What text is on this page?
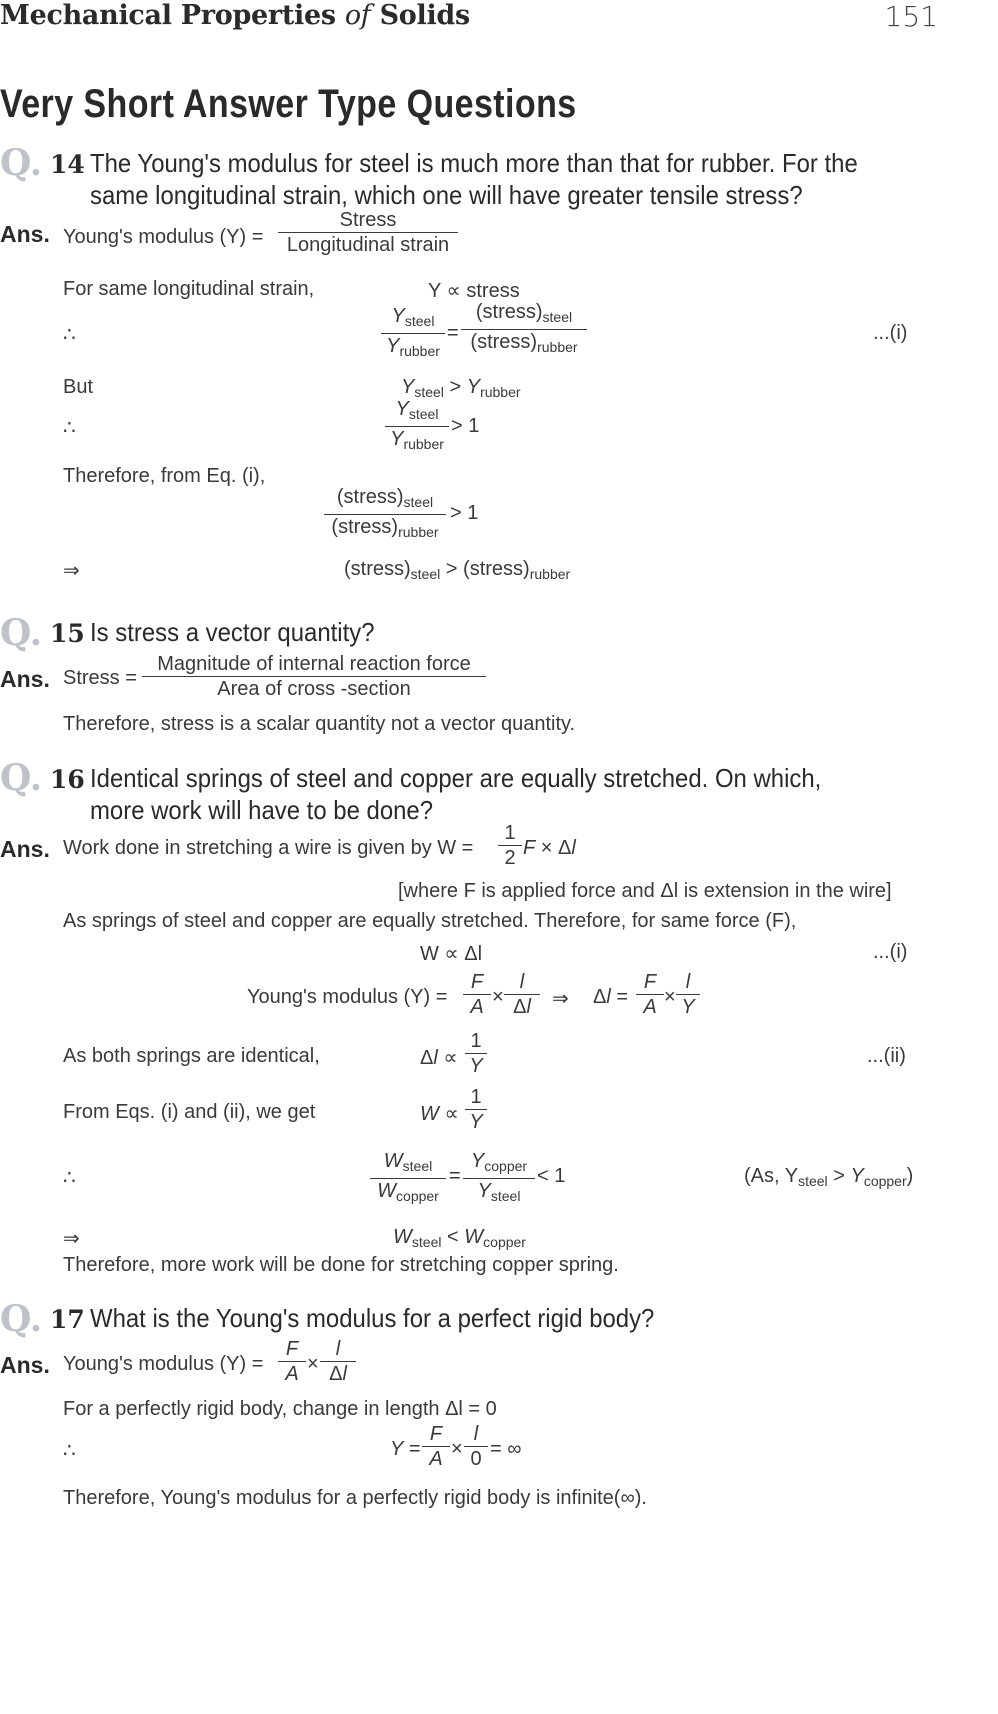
Mechanical Properties of Solids	151
Very Short Answer Type Questions
Q. 14 The Young's modulus for steel is much more than that for rubber. For the
same longitudinal strain, which one will have greater tensile stress?
Ans. Young's modulus (Y) =
Stress
Longitudinal strain
For same longitudinal strain,	Y ∝ stress
∴
$Y_{steel}$
$Y_{rubber}$
=
$(stress)_{steel}$
$(stress)_{rubber}$
...(i)
But	$Y_{steel} > Y_{rubber}$
∴
$Y_{steel}$
$Y_{rubber}$
> 1
Therefore, from Eq. (i),
$(stress)_{steel}$
$(stress)_{rubber}$
> 1
⇒	$(stress)_{steel}$ > $(stress)_{rubber}$
Q. 15 Is stress a vector quantity?
Ans. Stress =
Magnitude of internal reaction force
Area of cross -section
Therefore, stress is a scalar quantity not a vector quantity.
Q. 16 Identical springs of steel and copper are equally stretched. On which,
more work will have to be done?
Ans. Work done in stretching a wire is given by $W = \frac{1}{2}$ F × Δl
[where F is applied force and Δl is extension in the wire]
As springs of steel and copper are equally stretched. Therefore, for same force (F),
W ∝ Δl	...(i)
Young's modulus $(Y) = \frac{F}{A} \times \frac{l}{\Delta l}$ ⇒ $\Delta l = \frac{F}{A} \times \frac{l}{Y}$
As both springs are identical,	$\Delta l \propto \frac{1}{Y}$	...(ii)
From Eqs. (i) and (ii), we get	$W \propto \frac{1}{Y}$
∴
$W_{steel}$
$W_{copper}$
=
$Y_{copper}$
$Y_{steel}$
< 1	(As, $Y_{steel} > Y_{copper}$)
⇒	$W_{steel} < W_{copper}$
Therefore, more work will be done for stretching copper spring.
Q. 17 What is the Young's modulus for a perfect rigid body?
Ans. Young's modulus $(Y) = \frac{F}{A} \times \frac{l}{\Delta l}$
For a perfectly rigid body, change in length Δl = 0
∴	$Y = \frac{F}{A} \times \frac{l}{0}$ = ∞
Therefore, Young's modulus for a perfectly rigid body is infinite(∞).
